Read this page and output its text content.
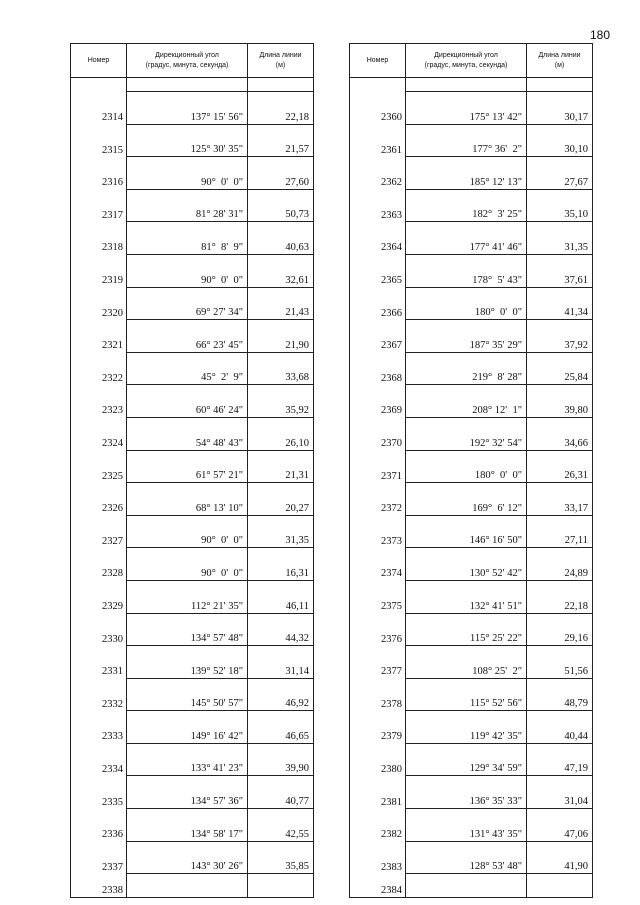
180
Номер	Дирекционный угол
(градус, минута, секунда)	Длина линии
(м)

2314	137° 15' 56"	22,18
2315	125° 30' 35"	21,57
2316	90°  0'  0"	27,60
2317	81° 28' 31"	50,73
2318	81°  8'  9"	40,63
2319	90°  0'  0"	32,61
2320	69° 27' 34"	21,43
2321	66° 23' 45"	21,90
2322	45°  2'  9"	33,68
2323	60° 46' 24"	35,92
2324	54° 48' 43"	26,10
2325	61° 57' 21"	21,31
2326	68° 13' 10"	20,27
2327	90°  0'  0"	31,35
2328	90°  0'  0"	16,31
2329	112° 21' 35"	46,11
2330	134° 57' 48"	44,32
2331	139° 52' 18"	31,14
2332	145° 50' 57"	46,92
2333	149° 16' 42"	46,65
2334	133° 41' 23"	39,90
2335	134° 57' 36"	40,77
2336	134° 58' 17"	42,55
2337	143° 30' 26"	35,85
2338		
Номер	Дирекционный угол
(градус, минута, секунда)	Длина линии
(м)

2360	175° 13' 42"	30,17
2361	177° 36'  2"	30,10
2362	185° 12' 13"	27,67
2363	182°  3' 25"	35,10
2364	177° 41' 46"	31,35
2365	178°  5' 43"	37,61
2366	180°  0'  0"	41,34
2367	187° 35' 29"	37,92
2368	219°  8' 28"	25,84
2369	208° 12'  1"	39,80
2370	192° 32' 54"	34,66
2371	180°  0'  0"	26,31
2372	169°  6' 12"	33,17
2373	146° 16' 50"	27,11
2374	130° 52' 42"	24,89
2375	132° 41' 51"	22,18
2376	115° 25' 22"	29,16
2377	108° 25'  2"	51,56
2378	115° 52' 56"	48,79
2379	119° 42' 35"	40,44
2380	129° 34' 59"	47,19
2381	136° 35' 33"	31,04
2382	131° 43' 35"	47,06
2383	128° 53' 48"	41,90
2384		
